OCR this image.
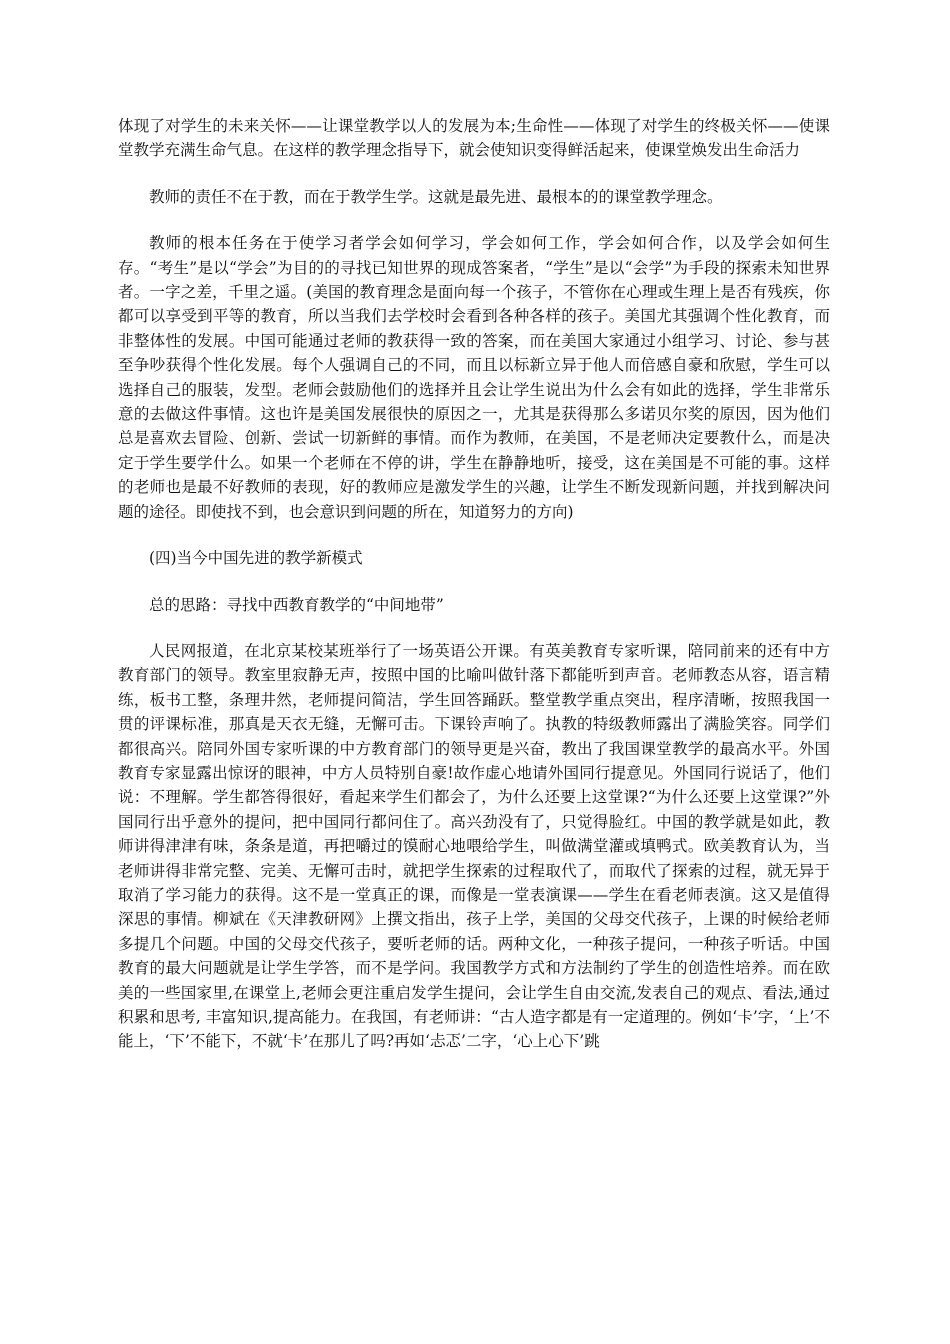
体现了对学生的未来关怀——让课堂教学以人的发展为本;生命性——体现了对学生的终极关怀——使课堂教学充满生命气息。在这样的教学理念指导下，就会使知识变得鲜活起来，使课堂焕发出生命活力

教师的责任不在于教，而在于教学生学。这就是最先进、最根本的的课堂教学理念。

教师的根本任务在于使学习者学会如何学习，学会如何工作，学会如何合作，以及学会如何生存。“考生”是以“学会”为目的的寻找已知世界的现成答案者，“学生”是以“会学”为手段的探索未知世界者。一字之差，千里之遥。(美国的教育理念是面向每一个孩子，不管你在心理或生理上是否有残疾，你都可以享受到平等的教育，所以当我们去学校时会看到各种各样的孩子。美国尤其强调个性化教育，而非整体性的发展。中国可能通过老师的教获得一致的答案，而在美国大家通过小组学习、讨论、参与甚至争吵获得个性化发展。每个人强调自己的不同，而且以标新立异于他人而倍感自豪和欣慰，学生可以选择自己的服装，发型。老师会鼓励他们的选择并且会让学生说出为什么会有如此的选择，学生非常乐意的去做这件事情。这也许是美国发展很快的原因之一，尤其是获得那么多诺贝尔奖的原因，因为他们总是喜欢去冒险、创新、尝试一切新鲜的事情。而作为教师，在美国，不是老师决定要教什么，而是决定于学生要学什么。如果一个老师在不停的讲，学生在静静地听，接受，这在美国是不可能的事。这样的老师也是最不好教师的表现，好的教师应是激发学生的兴趣，让学生不断发现新问题，并找到解决问题的途径。即使找不到，也会意识到问题的所在，知道努力的方向)

(四)当今中国先进的教学新模式

总的思路：寻找中西教育教学的“中间地带”

人民网报道，在北京某校某班举行了一场英语公开课。有英美教育专家听课，陪同前来的还有中方教育部门的领导。教室里寂静无声，按照中国的比喻叫做针落下都能听到声音。老师教态从容，语言精练，板书工整，条理井然，老师提问简洁，学生回答踊跃。整堂教学重点突出，程序清晰，按照我国一贯的评课标准，那真是天衣无缝，无懈可击。下课铃声响了。执教的特级教师露出了满脸笑容。同学们都很高兴。陪同外国专家听课的中方教育部门的领导更是兴奋，教出了我国课堂教学的最高水平。外国教育专家显露出惊讶的眼神，中方人员特别自豪!故作虚心地请外国同行提意见。外国同行说话了，他们说：不理解。学生都答得很好，看起来学生们都会了，为什么还要上这堂课?“为什么还要上这堂课?”外国同行出乎意外的提问，把中国同行都问住了。高兴劲没有了，只觉得脸红。中国的教学就是如此，教师讲得津津有味，条条是道，再把嚼过的馍耐心地喂给学生，叫做满堂灌或填鸭式。欧美教育认为，当老师讲得非常完整、完美、无懈可击时，就把学生探索的过程取代了，而取代了探索的过程，就无异于取消了学习能力的获得。这不是一堂真正的课，而像是一堂表演课——学生在看老师表演。这又是值得深思的事情。柳斌在《天津教研网》上撰文指出，孩子上学，美国的父母交代孩子，上课的时候给老师多提几个问题。中国的父母交代孩子，要听老师的话。两种文化，一种孩子提问，一种孩子听话。中国教育的最大问题就是让学生学答，而不是学问。我国教学方式和方法制约了学生的创造性培养。而在欧美的一些国家里,在课堂上,老师会更注重启发学生提问，会让学生自由交流,发表自己的观点、看法,通过积累和思考, 丰富知识,提高能力。在我国，有老师讲：“古人造字都是有一定道理的。例如‘卡’字，‘上’不能上，‘下’不能下，不就‘卡’在那儿了吗?再如‘忐忑’二字，‘心上心下’跳
